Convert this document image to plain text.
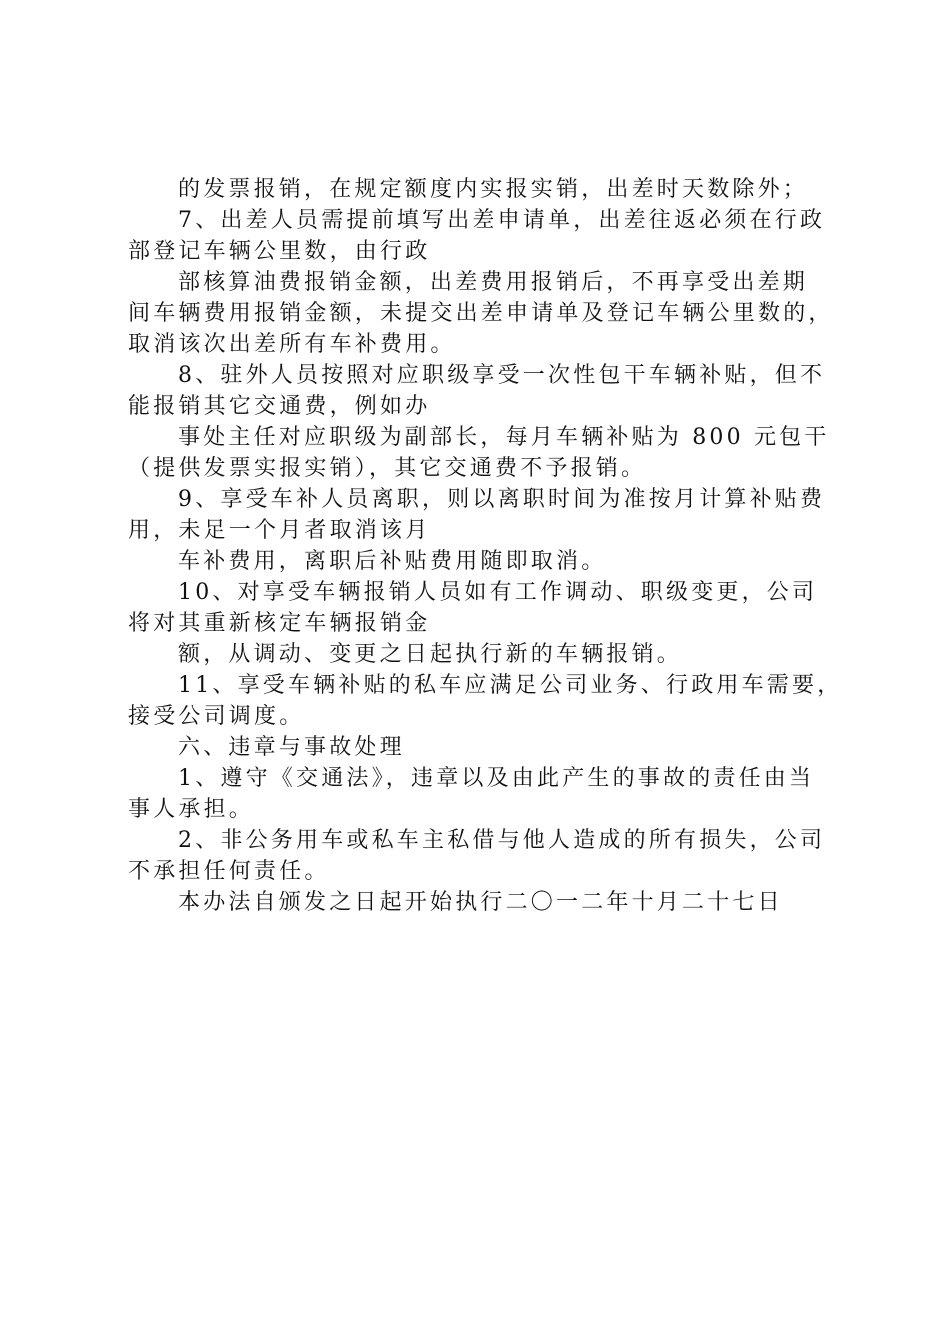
的发票报销，在规定额度内实报实销，出差时天数除外；
7、出差人员需提前填写出差申请单，出差往返必须在行政
部登记车辆公里数，由行政
部核算油费报销金额，出差费用报销后，不再享受出差期
间车辆费用报销金额，未提交出差申请单及登记车辆公里数的，
取消该次出差所有车补费用。
8、驻外人员按照对应职级享受一次性包干车辆补贴，但不
能报销其它交通费，例如办
事处主任对应职级为副部长，每月车辆补贴为 800 元包干
（提供发票实报实销），其它交通费不予报销。
9、享受车补人员离职，则以离职时间为准按月计算补贴费
用，未足一个月者取消该月
车补费用，离职后补贴费用随即取消。
10、对享受车辆报销人员如有工作调动、职级变更，公司
将对其重新核定车辆报销金
额，从调动、变更之日起执行新的车辆报销。
11、享受车辆补贴的私车应满足公司业务、行政用车需要，
接受公司调度。
六、违章与事故处理
1、遵守《交通法》，违章以及由此产生的事故的责任由当
事人承担。
2、非公务用车或私车主私借与他人造成的所有损失，公司
不承担任何责任。
本办法自颁发之日起开始执行二〇一二年十月二十七日
